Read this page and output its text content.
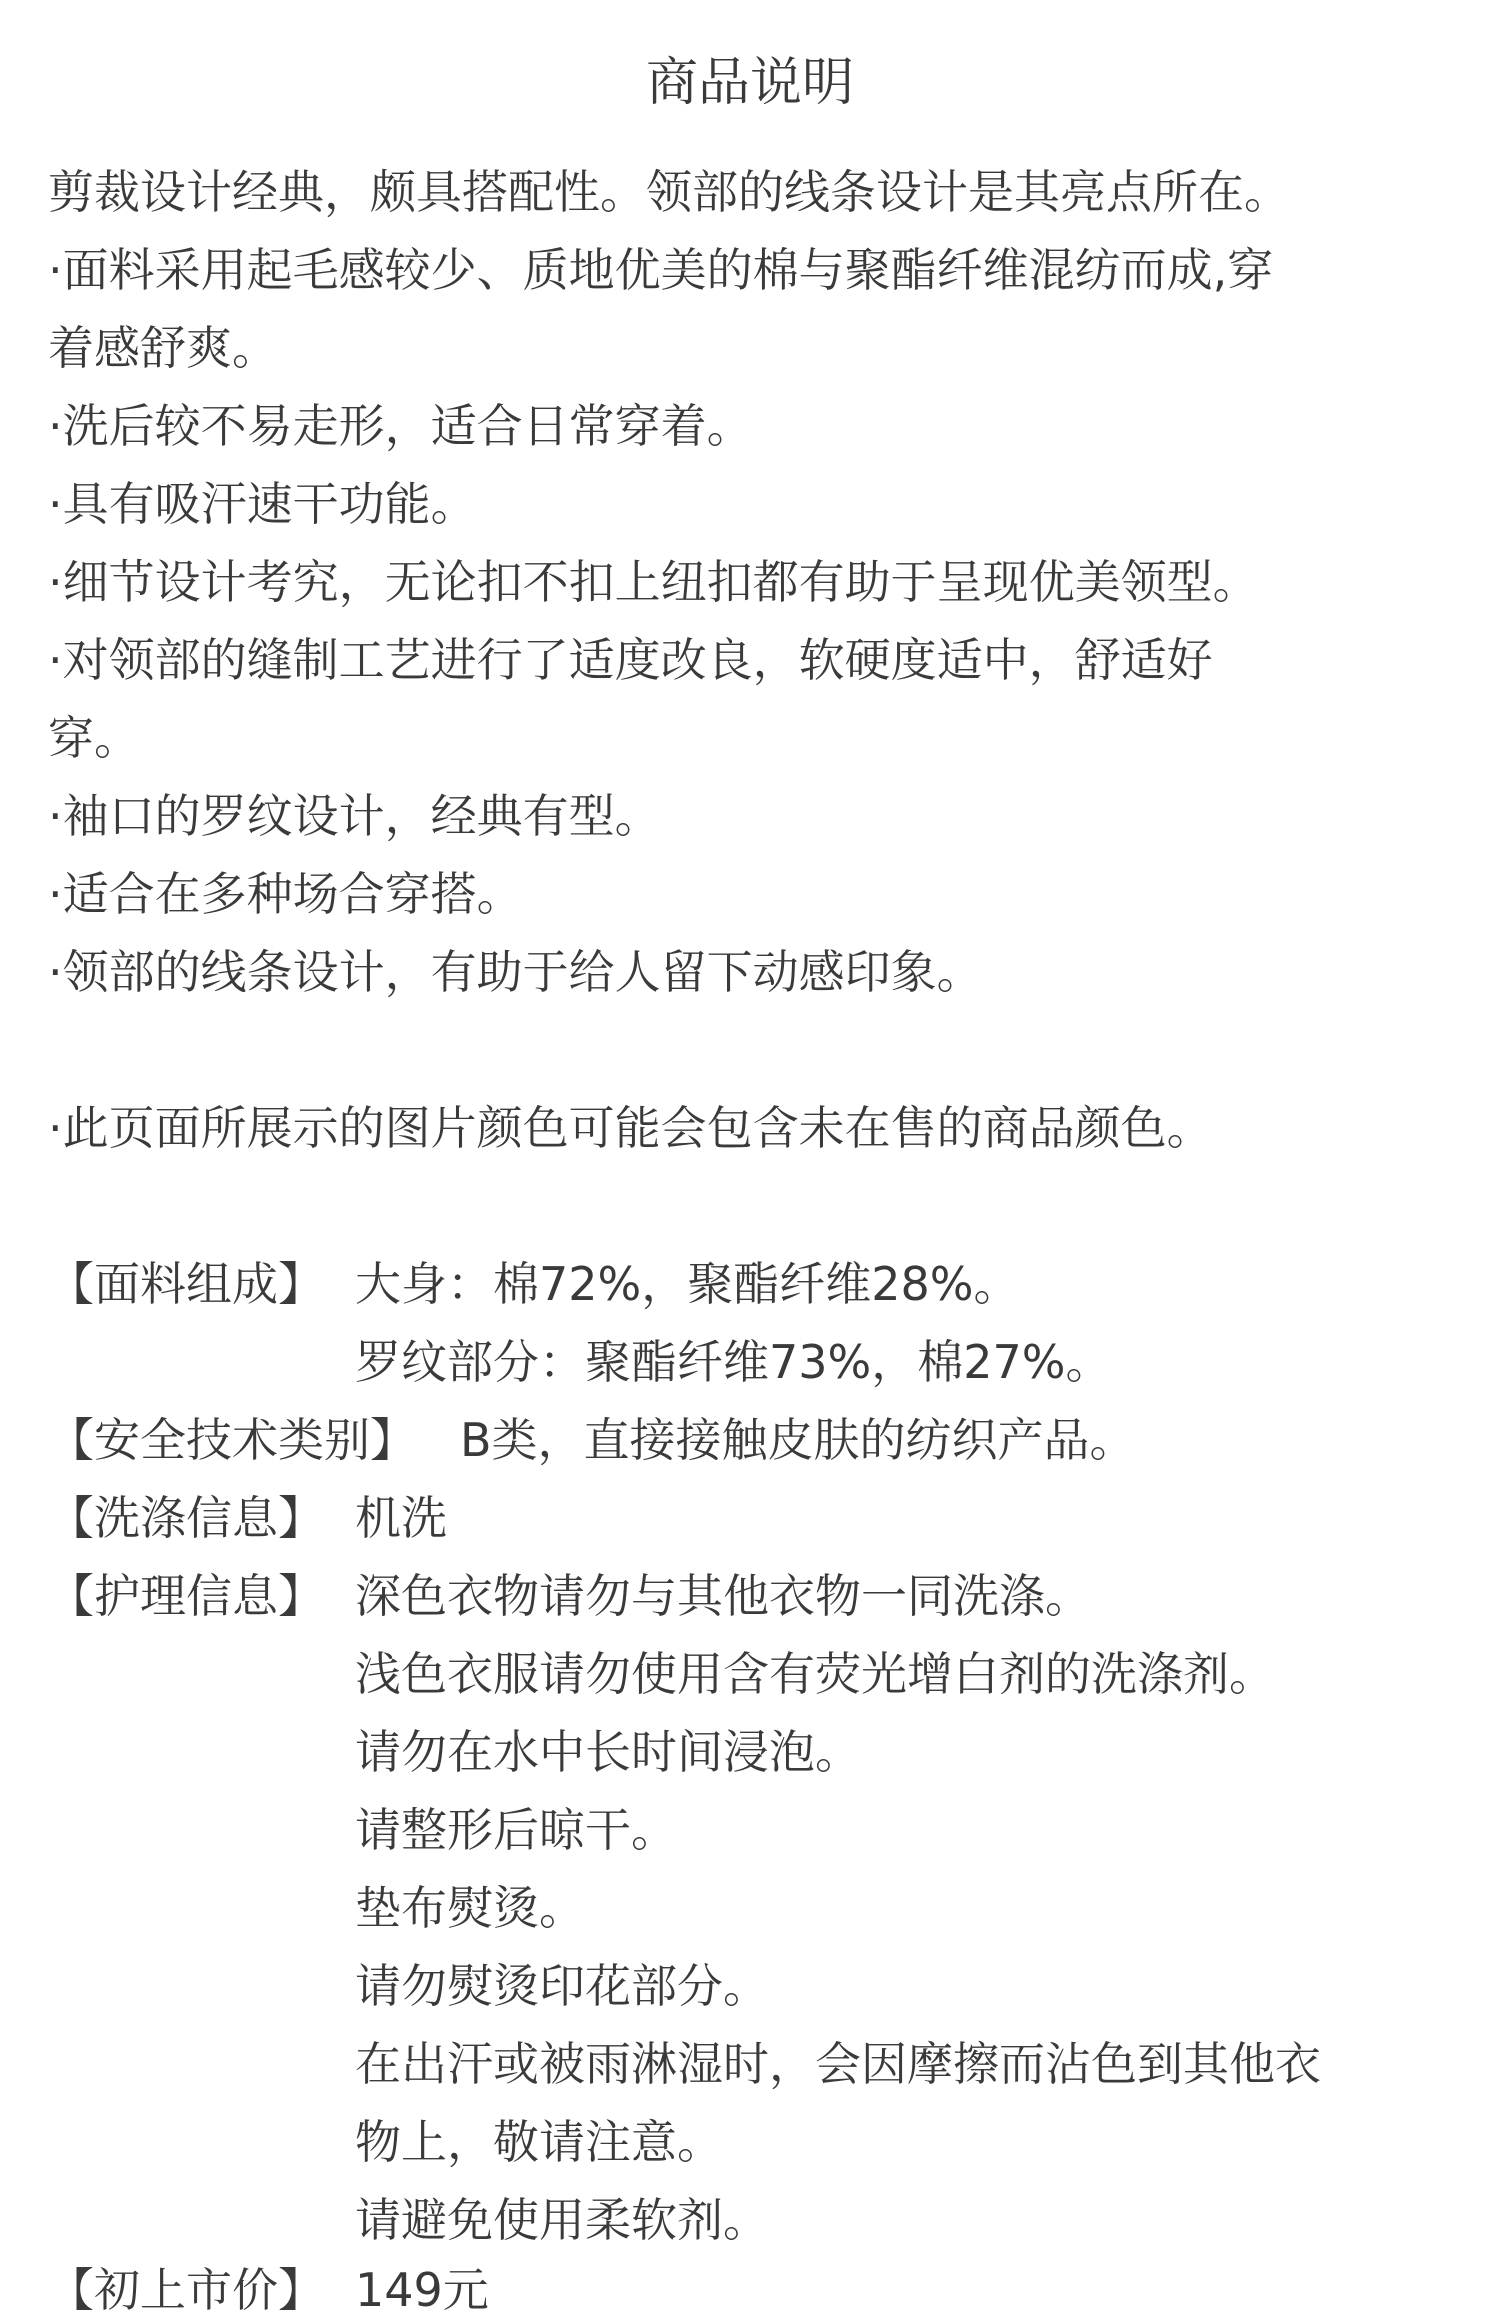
商品说明
剪裁设计经典，颇具搭配性。领部的线条设计是其亮点所在。
·面料采用起毛感较少、质地优美的棉与聚酯纤维混纺而成,穿
着感舒爽。
·洗后较不易走形，适合日常穿着。
·具有吸汗速干功能。
·细节设计考究，无论扣不扣上纽扣都有助于呈现优美领型。
·对领部的缝制工艺进行了适度改良，软硬度适中，舒适好
穿。
·袖口的罗纹设计，经典有型。
·适合在多种场合穿搭。
·领部的线条设计，有助于给人留下动感印象。
·此页面所展示的图片颜色可能会包含未在售的商品颜色。
【面料组成】 大身：棉72%，聚酯纤维28%。
罗纹部分：聚酯纤维73%，棉27%。
【安全技术类别】 B类，直接接触皮肤的纺织产品。
【洗涤信息】 机洗
【护理信息】 深色衣物请勿与其他衣物一同洗涤。
浅色衣服请勿使用含有荧光增白剂的洗涤剂。
请勿在水中长时间浸泡。
请整形后晾干。
垫布熨烫。
请勿熨烫印花部分。
在出汗或被雨淋湿时，会因摩擦而沾色到其他衣
物上，敬请注意。
请避免使用柔软剂。
【初上市价】 149元
